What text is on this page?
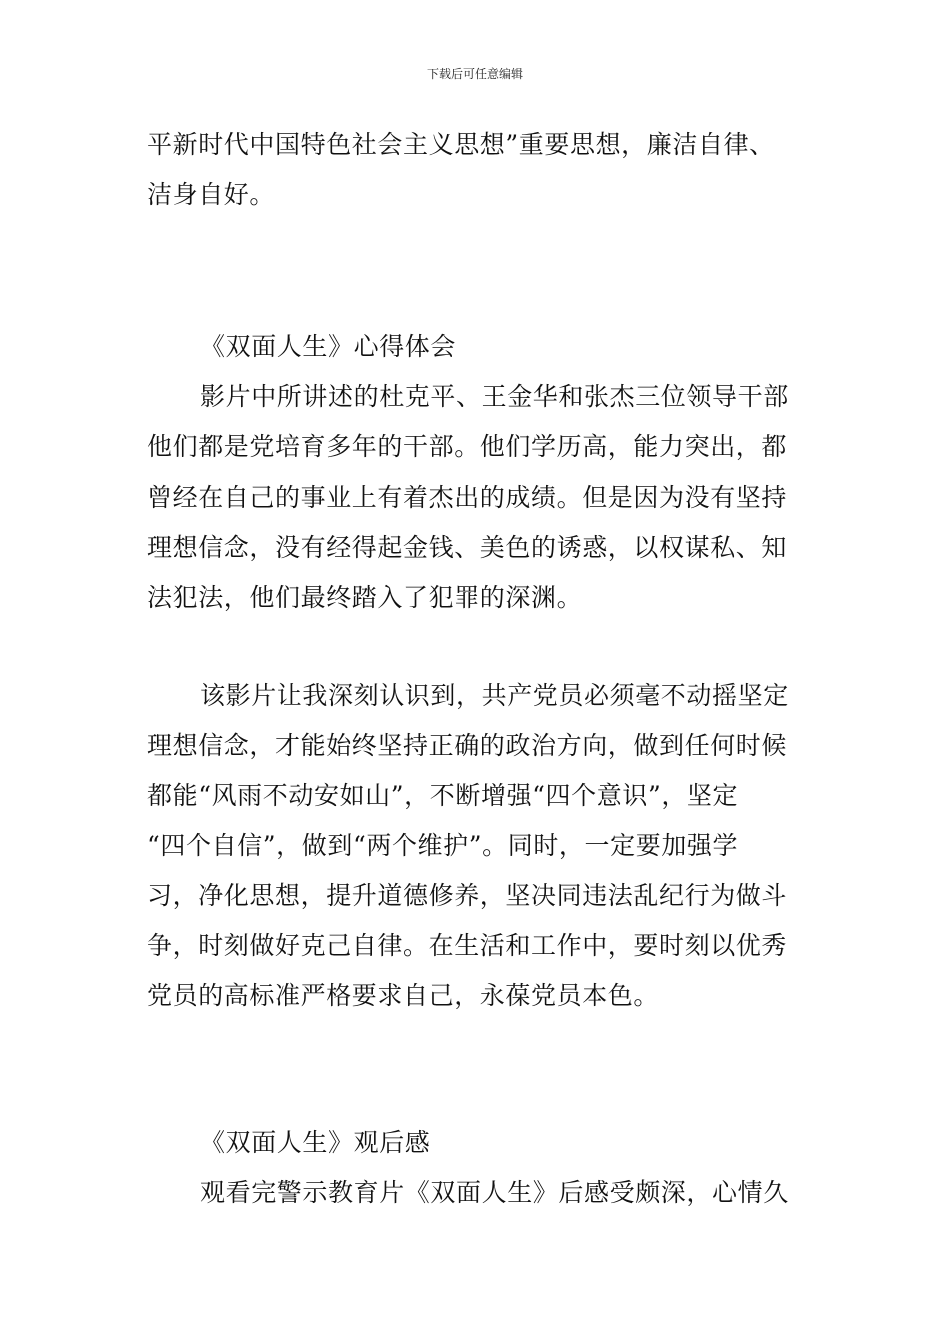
下载后可任意编辑
平新时代中国特色社会主义思想”重要思想，廉洁自律、
洁身自好。
《双面人生》心得体会
影片中所讲述的杜克平、王金华和张杰三位领导干部
他们都是党培育多年的干部。他们学历高，能力突出，都
曾经在自己的事业上有着杰出的成绩。但是因为没有坚持
理想信念，没有经得起金钱、美色的诱惑，以权谋私、知
法犯法，他们最终踏入了犯罪的深渊。
该影片让我深刻认识到，共产党员必须毫不动摇坚定
理想信念，才能始终坚持正确的政治方向，做到任何时候
都能“风雨不动安如山”，不断增强“四个意识”，坚定
“四个自信”，做到“两个维护”。同时，一定要加强学
习，净化思想，提升道德修养，坚决同违法乱纪行为做斗
争，时刻做好克己自律。在生活和工作中，要时刻以优秀
党员的高标准严格要求自己，永葆党员本色。
《双面人生》观后感
观看完警示教育片《双面人生》后感受颇深，心情久
